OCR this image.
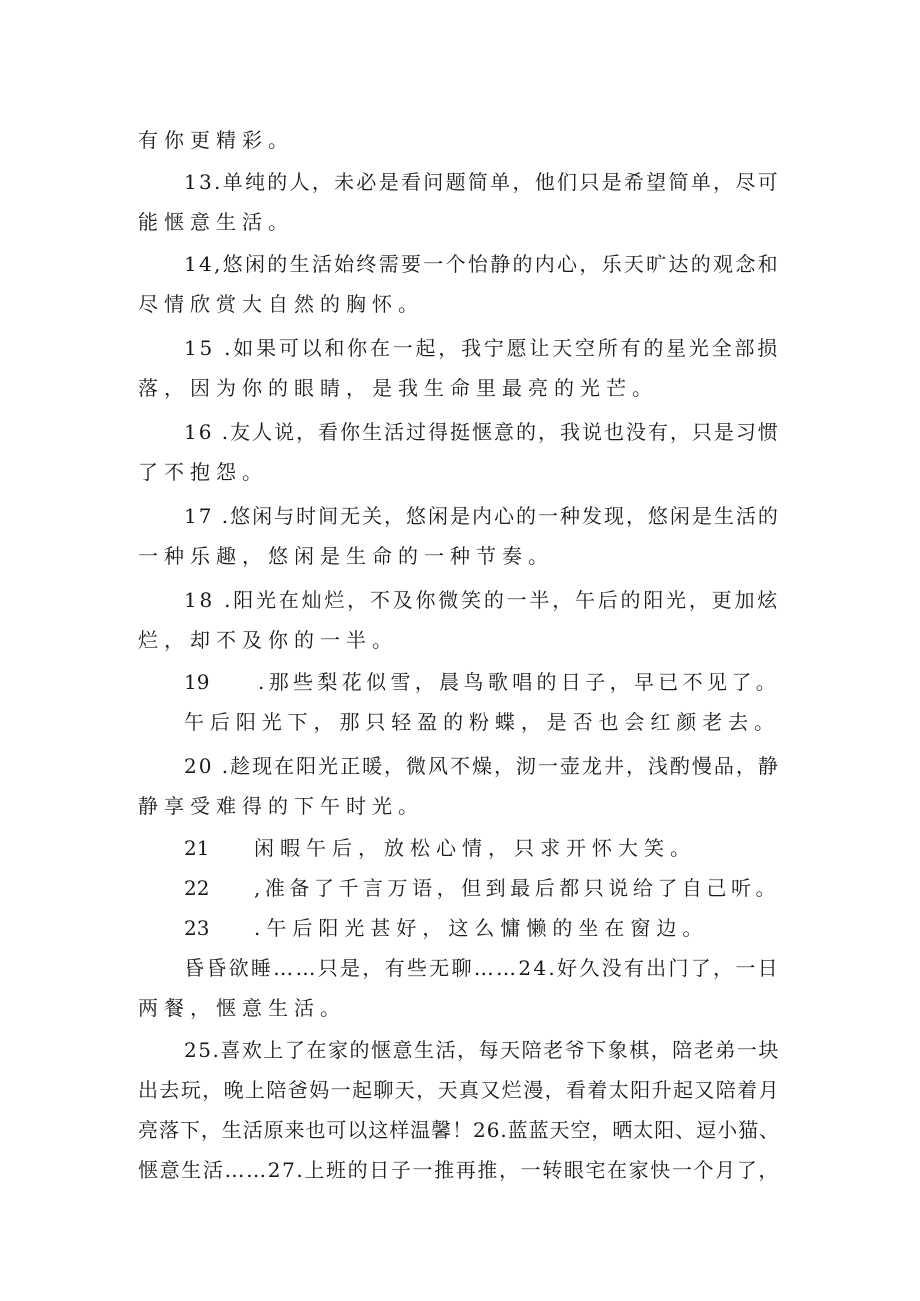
有你更精彩。
13.单纯的人，未必是看问题简单，他们只是希望简单，尽可
能惬意生活。
14,悠闲的生活始终需要一个怡静的内心，乐天旷达的观念和
尽情欣赏大自然的胸怀。
15 .如果可以和你在一起，我宁愿让天空所有的星光全部损
落，因为你的眼睛，是我生命里最亮的光芒。
16 .友人说，看你生活过得挺惬意的，我说也没有，只是习惯
了不抱怨。
17 .悠闲与时间无关，悠闲是内心的一种发现，悠闲是生活的
一种乐趣，悠闲是生命的一种节奏。
18 .阳光在灿烂，不及你微笑的一半，午后的阳光，更加炫
烂，却不及你的一半。
19 .那些梨花似雪，晨鸟歌唱的日子，早已不见了。
午后阳光下，那只轻盈的粉蝶，是否也会红颜老去。
20 .趁现在阳光正暖，微风不燥，沏一壶龙井，浅酌慢品，静
静享受难得的下午时光。
21 闲暇午后，放松心情，只求开怀大笑。
22 ,准备了千言万语，但到最后都只说给了自己听。
23 .午后阳光甚好，这么慵懒的坐在窗边。
昏昏欲睡……只是，有些无聊……24.好久没有出门了，一日
两餐，惬意生活。
25.喜欢上了在家的惬意生活，每天陪老爷下象棋，陪老弟一块
出去玩，晚上陪爸妈一起聊天，天真又烂漫，看着太阳升起又陪着月
亮落下，生活原来也可以这样温馨！26.蓝蓝天空，晒太阳、逗小猫、
惬意生活……27.上班的日子一推再推，一转眼宅在家快一个月了，
